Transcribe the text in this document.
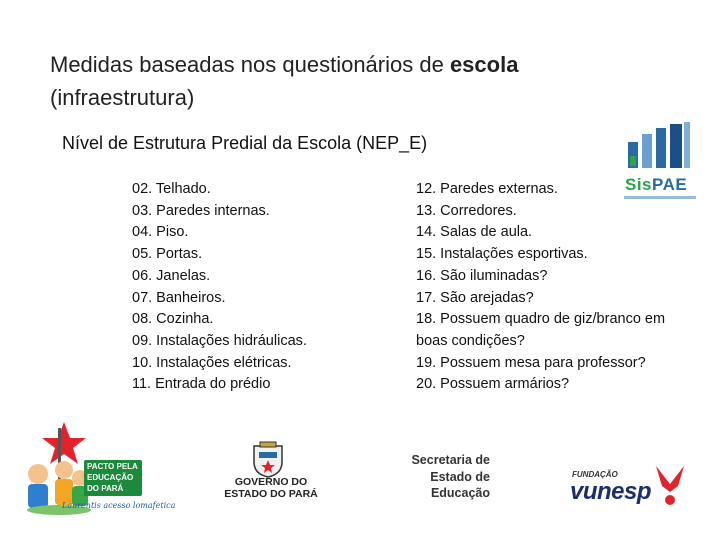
Medidas baseadas nos questionários de escola
(infraestrutura)
Nível de Estrutura Predial da Escola (NEP_E)
02. Telhado.
03. Paredes internas.
04. Piso.
05. Portas.
06. Janelas.
07. Banheiros.
08. Cozinha.
09. Instalações hidráulicas.
10. Instalações elétricas.
11. Entrada do prédio
12. Paredes externas.
13. Corredores.
14. Salas de aula.
15. Instalações esportivas.
16. São iluminadas?
17. São arejadas?
18. Possuem quadro de giz/branco em boas condições?
19. Possuem mesa para professor?
20. Possuem armários?
SisPAE
PACTO PELA EDUCAÇÃO DO PARÁ
Laurentis acesso lomafetica
GOVERNO DO
ESTADO DO PARÁ
Secretaria de
Estado de
Educação
FUNDAÇÃO
vunesp
